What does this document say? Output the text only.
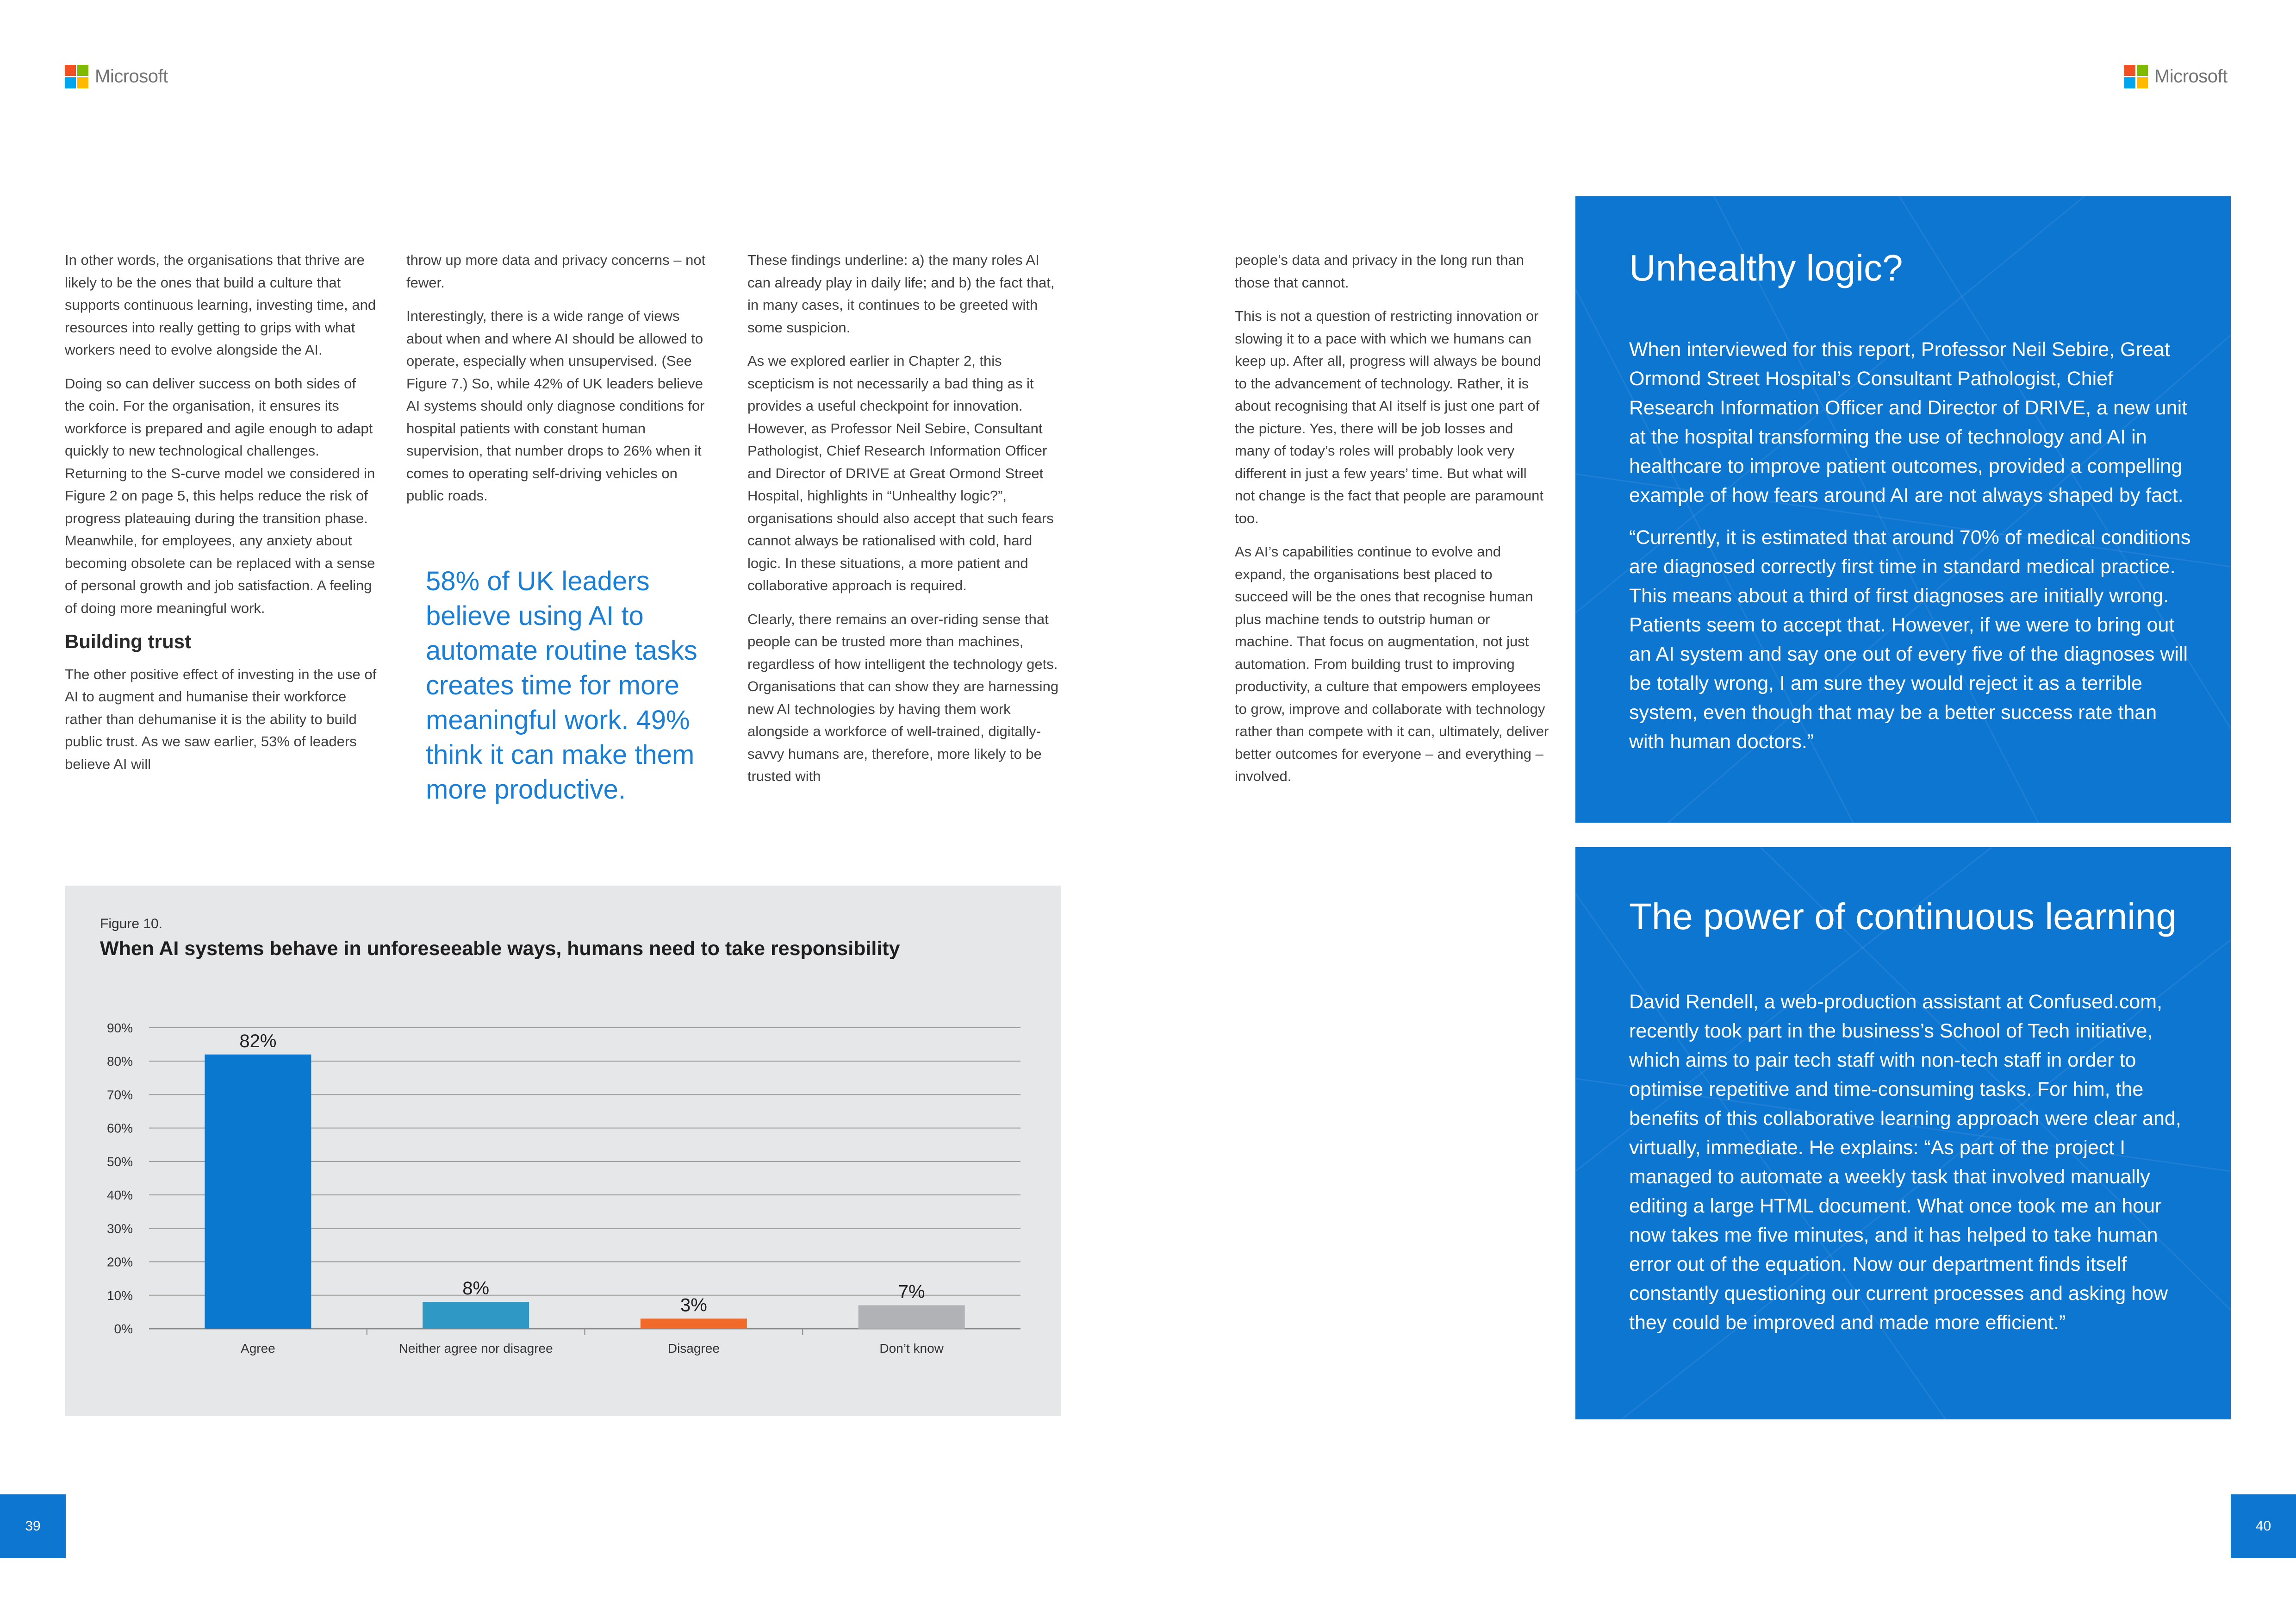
Microsoft	Microsoft

In other words, the organisations that thrive are likely to be the ones that build a culture that supports continuous learning, investing time, and resources into really getting to grips with what workers need to evolve alongside the AI.

Doing so can deliver success on both sides of the coin. For the organisation, it ensures its workforce is prepared and agile enough to adapt quickly to new technological challenges. Returning to the S-curve model we considered in Figure 2 on page 5, this helps reduce the risk of progress plateauing during the transition phase. Meanwhile, for employees, any anxiety about becoming obsolete can be replaced with a sense of personal growth and job satisfaction. A feeling of doing more meaningful work.

Building trust

The other positive effect of investing in the use of AI to augment and humanise their workforce rather than dehumanise it is the ability to build public trust. As we saw earlier, 53% of leaders believe AI will

throw up more data and privacy concerns – not fewer.

Interestingly, there is a wide range of views about when and where AI should be allowed to operate, especially when unsupervised. (See Figure 7.) So, while 42% of UK leaders believe AI systems should only diagnose conditions for hospital patients with constant human supervision, that number drops to 26% when it comes to operating self-driving vehicles on public roads.

58% of UK leaders believe using AI to automate routine tasks creates time for more meaningful work. 49% think it can make them more productive.

These findings underline: a) the many roles AI can already play in daily life; and b) the fact that, in many cases, it continues to be greeted with some suspicion.

As we explored earlier in Chapter 2, this scepticism is not necessarily a bad thing as it provides a useful checkpoint for innovation. However, as Professor Neil Sebire, Consultant Pathologist, Chief Research Information Officer and Director of DRIVE at Great Ormond Street Hospital, highlights in “Unhealthy logic?”, organisations should also accept that such fears cannot always be rationalised with cold, hard logic. In these situations, a more patient and collaborative approach is required.

Clearly, there remains an over-riding sense that people can be trusted more than machines, regardless of how intelligent the technology gets. Organisations that can show they are harnessing new AI technologies by having them work alongside a workforce of well-trained, digitally-savvy humans are, therefore, more likely to be trusted with

people’s data and privacy in the long run than those that cannot.

This is not a question of restricting innovation or slowing it to a pace with which we humans can keep up. After all, progress will always be bound to the advancement of technology. Rather, it is about recognising that AI itself is just one part of the picture. Yes, there will be job losses and many of today’s roles will probably look very different in just a few years’ time. But what will not change is the fact that people are paramount too.

As AI’s capabilities continue to evolve and expand, the organisations best placed to succeed will be the ones that recognise human plus machine tends to outstrip human or machine. That focus on augmentation, not just automation. From building trust to improving productivity, a culture that empowers employees to grow, improve and collaborate with technology rather than compete with it can, ultimately, deliver better outcomes for everyone – and everything – involved.

Figure 10.
When AI systems behave in unforeseeable ways, humans need to take responsibility
0%
10%
20%
30%
40%
50%
60%
70%
80%
90%
82%
Agree
8%
Neither agree nor disagree
3%
Disagree
7%
Don’t know
Unhealthy logic?

When interviewed for this report, Professor Neil Sebire, Great Ormond Street Hospital’s Consultant Pathologist, Chief Research Information Officer and Director of DRIVE, a new unit at the hospital transforming the use of technology and AI in healthcare to improve patient outcomes, provided a compelling example of how fears around AI are not always shaped by fact.

“Currently, it is estimated that around 70% of medical conditions are diagnosed correctly first time in standard medical practice. This means about a third of first diagnoses are initially wrong. Patients seem to accept that. However, if we were to bring out an AI system and say one out of every five of the diagnoses will be totally wrong, I am sure they would reject it as a terrible system, even though that may be a better success rate than with human doctors.”

The power of continuous learning

David Rendell, a web-production assistant at Confused.com, recently took part in the business’s School of Tech initiative, which aims to pair tech staff with non-tech staff in order to optimise repetitive and time-consuming tasks. For him, the benefits of this collaborative learning approach were clear and, virtually, immediate. He explains: “As part of the project I managed to automate a weekly task that involved manually editing a large HTML document. What once took me an hour now takes me five minutes, and it has helped to take human error out of the equation. Now our department finds itself constantly questioning our current processes and asking how they could be improved and made more efficient.”

39	40
